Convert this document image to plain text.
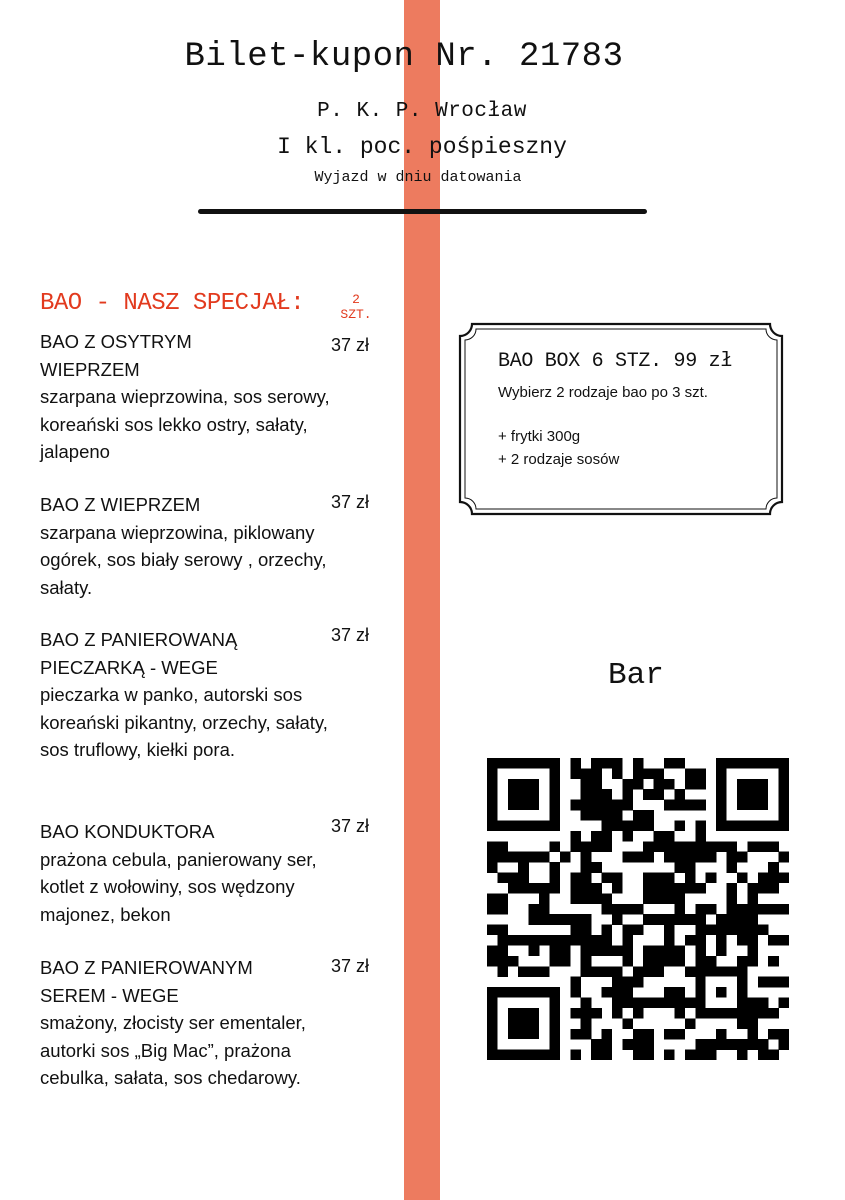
Bilet-kupon Nr. 21783
P. K. P. Wrocław
I kl. poc. pośpieszny
Wyjazd w dniu datowania
BAO - NASZ SPECJAŁ:	2
SZT.
BAO Z OSYTRYM WIEPRZEM
szarpana wieprzowina, sos serowy, koreański sos lekko ostry, sałaty, jalapeno
37 zł
BAO Z WIEPRZEM
szarpana wieprzowina, piklowany ogórek, sos biały serowy , orzechy, sałaty.
37 zł
BAO Z PANIEROWANĄ PIECZARKĄ - WEGE
pieczarka w panko, autorski sos koreański pikantny, orzechy, sałaty, sos truflowy, kiełki pora.
37 zł
BAO KONDUKTORA
prażona cebula, panierowany ser, kotlet z wołowiny, sos wędzony majonez, bekon
37 zł
BAO Z PANIEROWANYM SEREM - WEGE
smażony, złocisty ser ementaler, autorki sos „Big Mac”, prażona cebulka, sałata, sos chedarowy.
37 zł
BAO BOX 6 STZ. 99 zł
Wybierz 2 rodzaje bao po 3 szt.
+ frytki 300g
+ 2 rodzaje sosów
Bar
